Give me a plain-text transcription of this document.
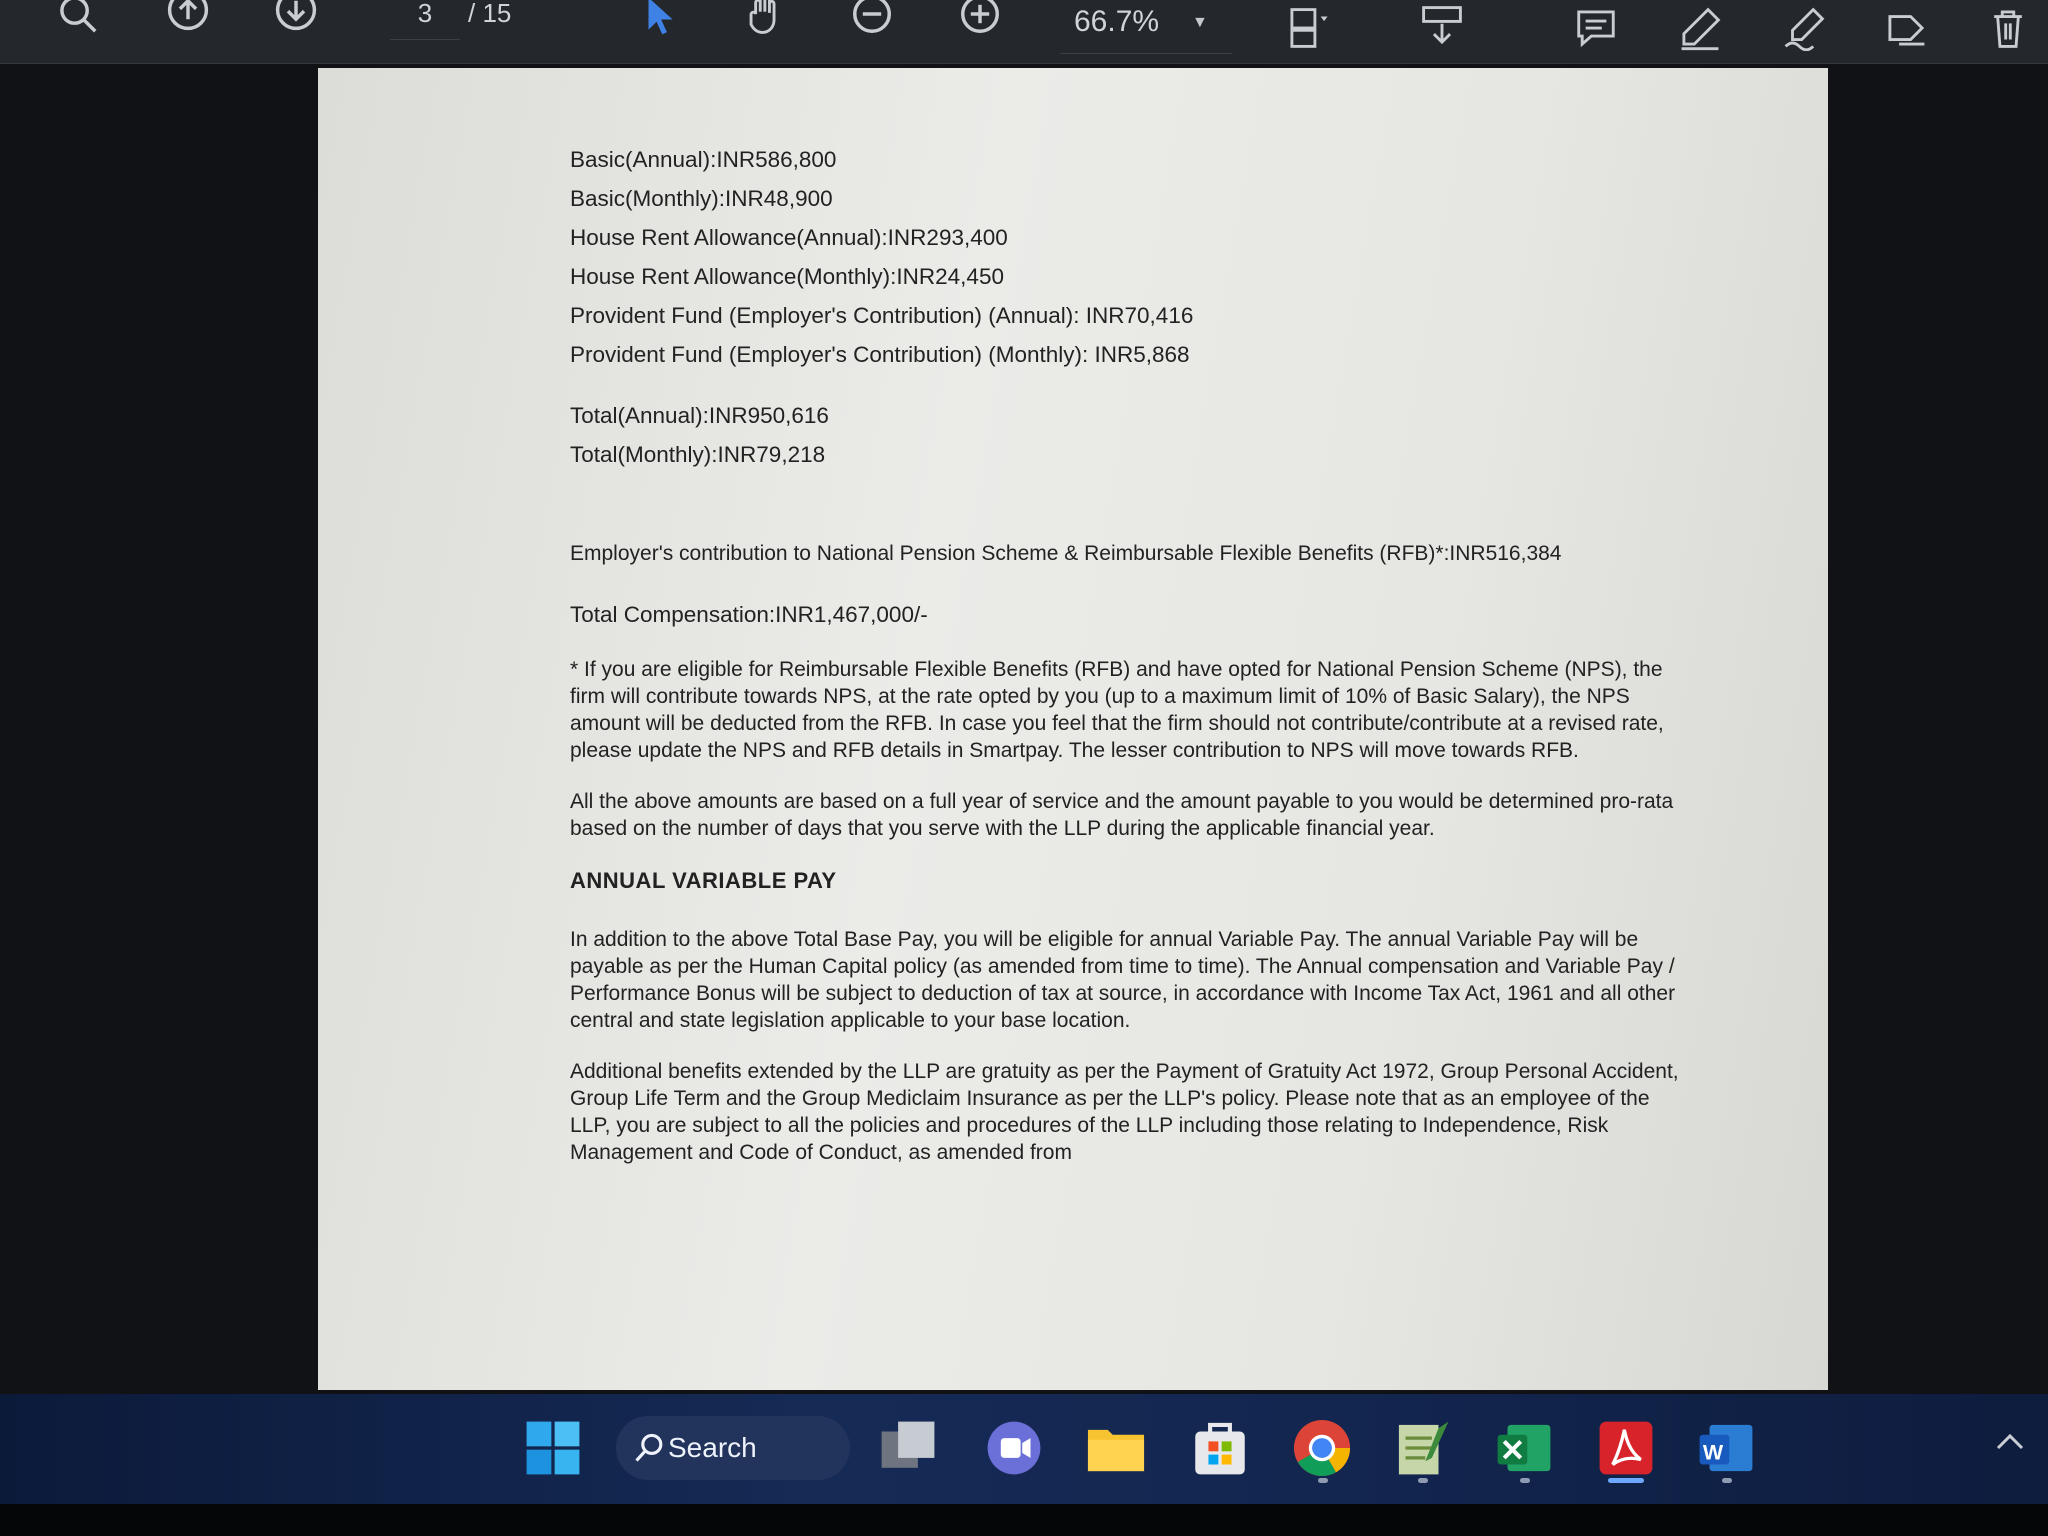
3	/ 15	66.7% ▼
Basic(Annual):INR586,800
Basic(Monthly):INR48,900
House Rent Allowance(Annual):INR293,400
House Rent Allowance(Monthly):INR24,450
Provident Fund (Employer's Contribution) (Annual): INR70,416
Provident Fund (Employer's Contribution) (Monthly): INR5,868
Total(Annual):INR950,616
Total(Monthly):INR79,218
Employer's contribution to National Pension Scheme & Reimbursable Flexible Benefits (RFB)*:INR516,384
Total Compensation:INR1,467,000/-
* If you are eligible for Reimbursable Flexible Benefits (RFB) and have opted for National Pension Scheme (NPS), the firm will contribute towards NPS, at the rate opted by you (up to a maximum limit of 10% of Basic Salary), the NPS amount will be deducted from the RFB. In case you feel that the firm should not contribute/contribute at a revised rate, please update the NPS and RFB details in Smartpay. The lesser contribution to NPS will move towards RFB.
All the above amounts are based on a full year of service and the amount payable to you would be determined pro-rata based on the number of days that you serve with the LLP during the applicable financial year.
ANNUAL VARIABLE PAY
In addition to the above Total Base Pay, you will be eligible for annual Variable Pay. The annual Variable Pay will be payable as per the Human Capital policy (as amended from time to time). The Annual compensation and Variable Pay / Performance Bonus will be subject to deduction of tax at source, in accordance with Income Tax Act, 1961 and all other central and state legislation applicable to your base location.
Additional benefits extended by the LLP are gratuity as per the Payment of Gratuity Act 1972, Group Personal Accident, Group Life Term and the Group Mediclaim Insurance as per the LLP's policy. Please note that as an employee of the LLP, you are subject to all the policies and procedures of the LLP including those relating to Independence, Risk Management and Code of Conduct, as amended from
Search	W
